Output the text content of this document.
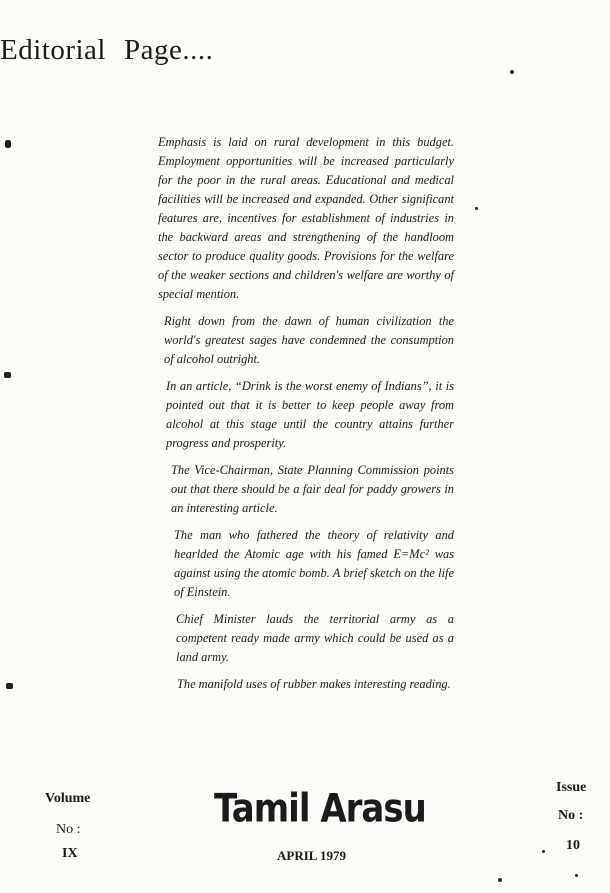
Editorial Page....

Emphasis is laid on rural development in this budget. Employment opportunities will be increased particularly for the poor in the rural areas. Educational and medical facilities will be increased and expanded. Other significant features are, incentives for establishment of industries in the backward areas and strengthening of the handloom sector to produce quality goods. Provisions for the welfare of the weaker sections and children's welfare are worthy of special mention.

Right down from the dawn of human civilization the world's greatest sages have condemned the consumption of alcohol outright.

In an article, “Drink is the worst enemy of Indians”, it is pointed out that it is better to keep people away from alcohol at this stage until the country attains further progress and prosperity.

The Vice-Chairman, State Planning Commission points out that there should be a fair deal for paddy growers in an interesting article.

The man who fathered the theory of relativity and hearlded the Atomic age with his famed E=Mc² was against using the atomic bomb. A brief sketch on the life of Einstein.

Chief Minister lauds the territorial army as a competent ready made army which could be used as a land army.

The manifold uses of rubber makes interesting reading.

Volume
No :
IX
Tamil Arasu
APRIL 1979
Issue
No :
10
